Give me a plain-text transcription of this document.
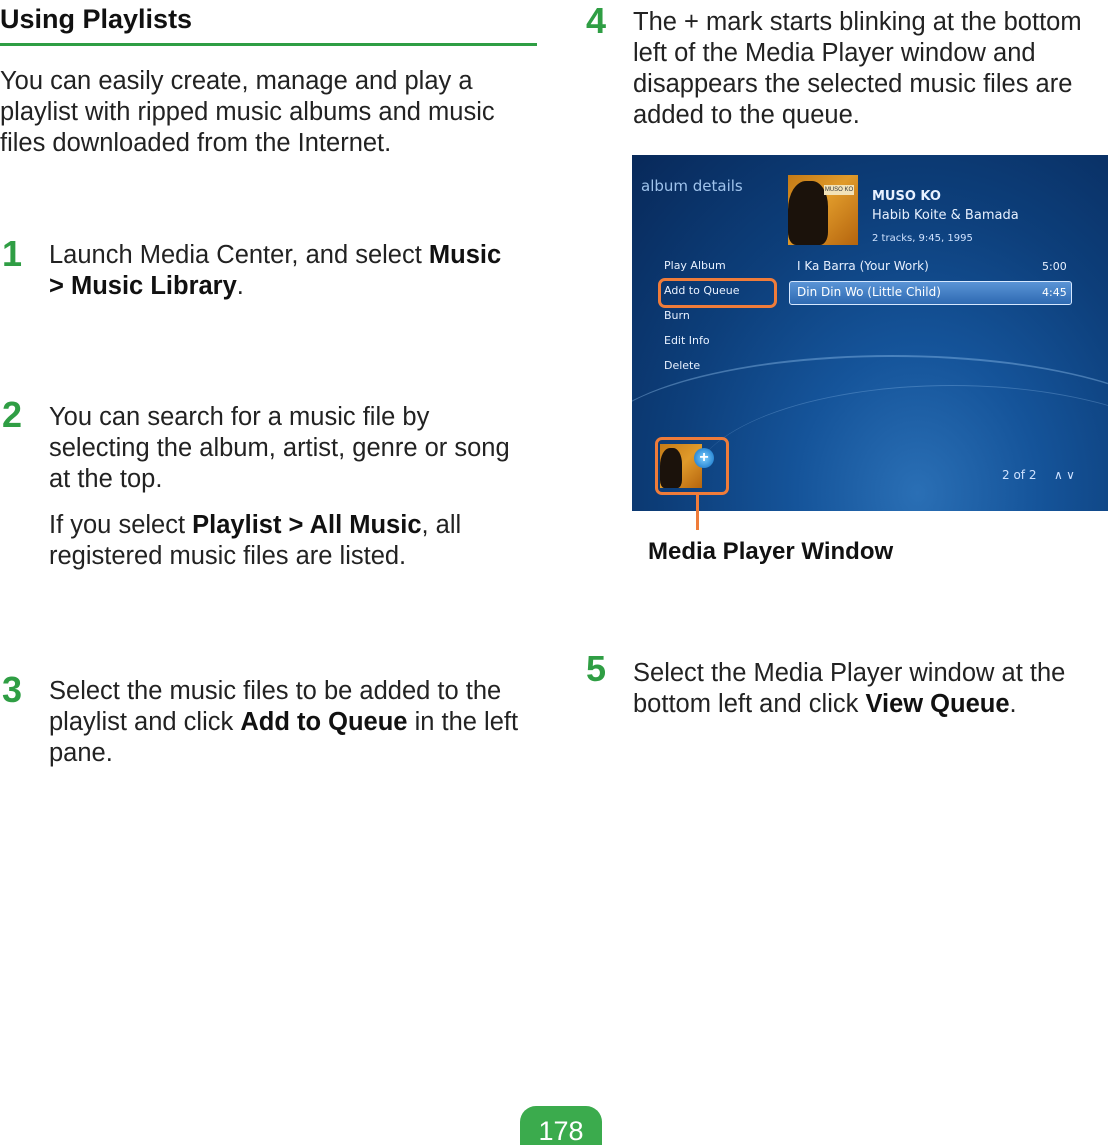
Using Playlists
You can easily create, manage and play a playlist with ripped music albums and music files downloaded from the Internet.
1 Launch Media Center, and select Music > Music Library.
2 You can search for a music file by selecting the album, artist, genre or song at the top.
If you select Playlist > All Music, all registered music files are listed.
3 Select the music files to be added to the playlist and click Add to Queue in the left pane.
4 The + mark starts blinking at the bottom left of the Media Player window and disappears the selected music files are added to the queue.
album details	MUSO KO MUSO KO
Habib Koite & Bamada
2 tracks, 9:45, 1995
Play Album
Add to Queue
Burn
Edit Info
Delete
I Ka Barra (Your Work)	5:00
Din Din Wo (Little Child)	4:45
+
2 of 2 ∧ ∨
Media Player Window
5 Select the Media Player window at the bottom left and click View Queue.
178
